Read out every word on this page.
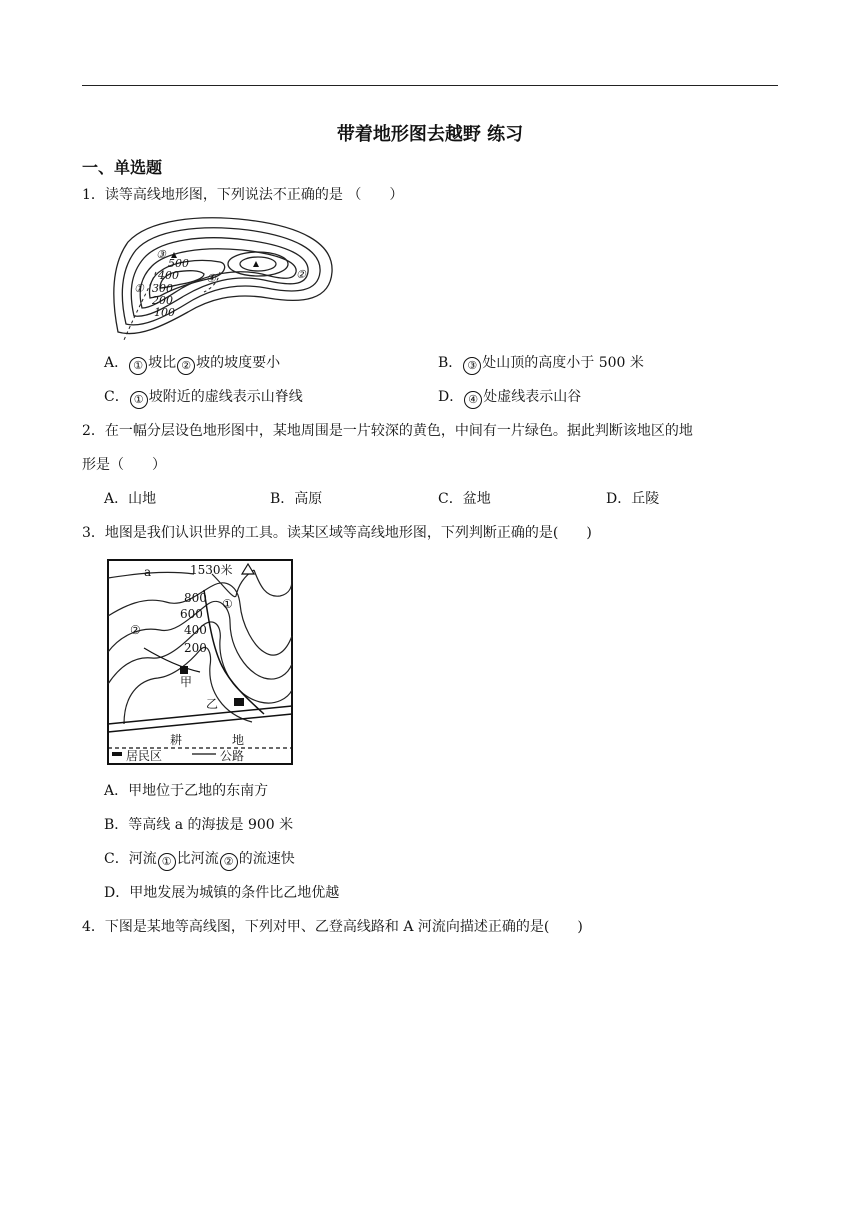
带着地形图去越野 练习
一、单选题
1．读等高线地形图，下列说法不正确的是 （　　）
③
500
400
300
200
100
①
④	②
A． ① 坡比 ② 坡的坡度要小	B． ③ 处山顶的高度小于 500 米
C． ① 坡附近的虚线表示山脊线	D． ④ 处虚线表示山谷
2．在一幅分层设色地形图中，某地周围是一片较深的黄色，中间有一片绿色。据此判断该地区的地
形是（　　）
A．山地	B．高原	C．盆地	D．丘陵
3．地图是我们认识世界的工具。读某区域等高线地形图，下列判断正确的是(　　)
a	1530米
800
600
400
200
①
②
甲
乙
耕	地
居民区	公路
A．甲地位于乙地的东南方
B．等高线 a 的海拔是 900 米
C．河流 ① 比河流 ② 的流速快
D．甲地发展为城镇的条件比乙地优越
4．下图是某地等高线图，下列对甲、乙登高线路和 A 河流向描述正确的是(　　)
